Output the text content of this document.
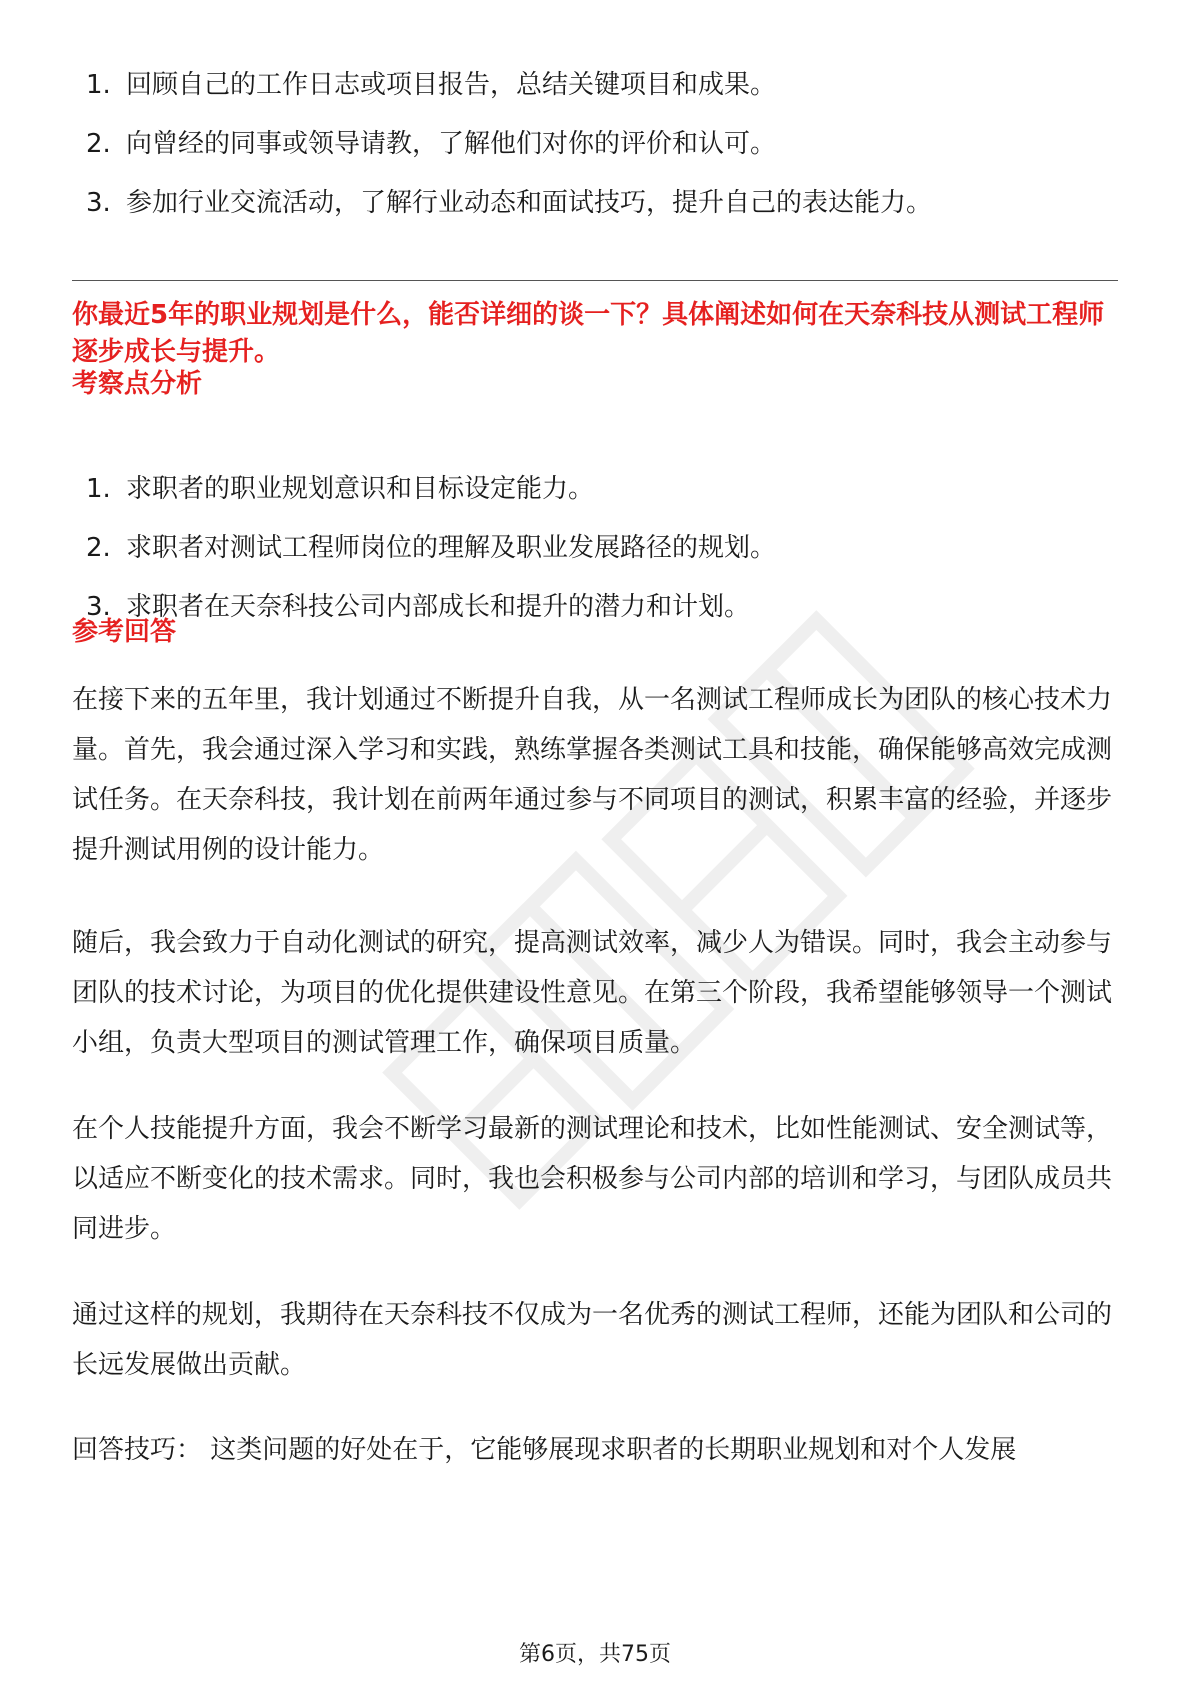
1. 回顾自己的工作日志或项目报告，总结关键项目和成果。
2. 向曾经的同事或领导请教，了解他们对你的评价和认可。
3. 参加行业交流活动，了解行业动态和面试技巧，提升自己的表达能力。
你最近5年的职业规划是什么，能否详细的谈一下？具体阐述如何在天奈科技从测试工程师逐步成长与提升。
考察点分析
1. 求职者的职业规划意识和目标设定能力。
2. 求职者对测试工程师岗位的理解及职业发展路径的规划。
3. 求职者在天奈科技公司内部成长和提升的潜力和计划。
参考回答

在接下来的五年里，我计划通过不断提升自我，从一名测试工程师成长为团队的核心技术力量。首先，我会通过深入学习和实践，熟练掌握各类测试工具和技能，确保能够高效完成测试任务。在天奈科技，我计划在前两年通过参与不同项目的测试，积累丰富的经验，并逐步提升测试用例的设计能力。

随后，我会致力于自动化测试的研究，提高测试效率，减少人为错误。同时，我会主动参与团队的技术讨论，为项目的优化提供建设性意见。在第三个阶段，我希望能够领导一个测试小组，负责大型项目的测试管理工作，确保项目质量。

在个人技能提升方面，我会不断学习最新的测试理论和技术，比如性能测试、安全测试等，以适应不断变化的技术需求。同时，我也会积极参与公司内部的培训和学习，与团队成员共同进步。

通过这样的规划，我期待在天奈科技不仅成为一名优秀的测试工程师，还能为团队和公司的长远发展做出贡献。

回答技巧： 这类问题的好处在于，它能够展现求职者的长期职业规划和对个人发展

第6页，共75页
